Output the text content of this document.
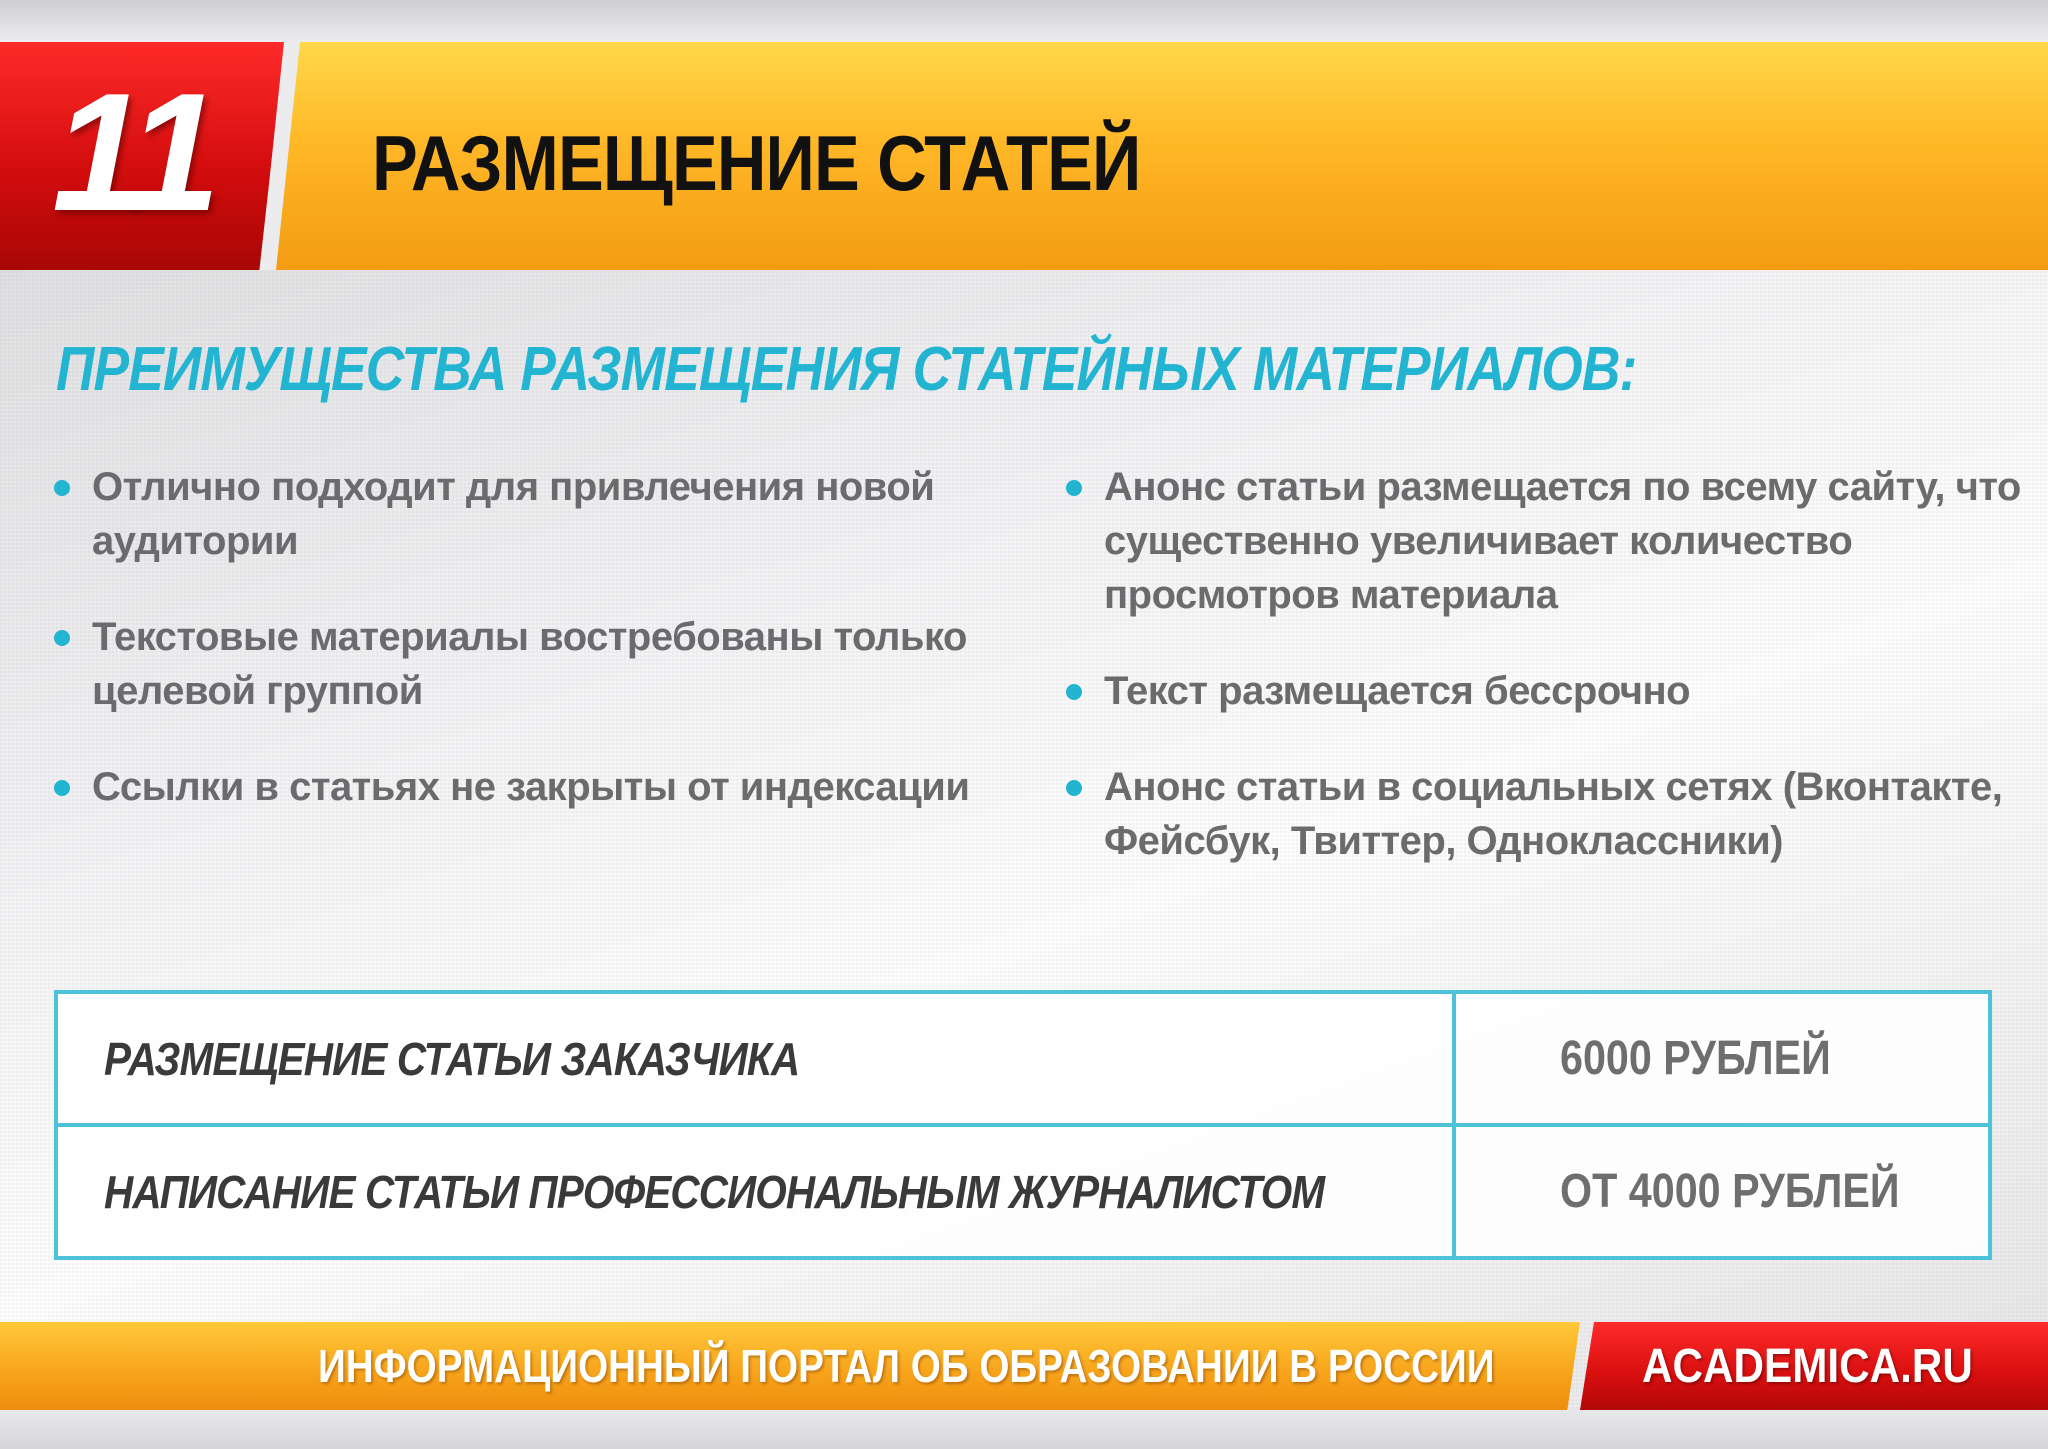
11 РАЗМЕЩЕНИЕ СТАТЕЙ
ПРЕИМУЩЕСТВА РАЗМЕЩЕНИЯ СТАТЕЙНЫХ МАТЕРИАЛОВ:
Отлично подходит для привлечения новой аудитории
Текстовые материалы востребованы только целевой группой
Ссылки в статьях не закрыты от индексации
Анонс статьи размещается по всему сайту, что существенно увеличивает количество просмотров материала
Текст размещается бессрочно
Анонс статьи в социальных сетях (Вконтакте, Фейсбук, Твиттер, Одноклассники)
РАЗМЕЩЕНИЕ СТАТЬИ ЗАКАЗЧИКА	6000 РУБЛЕЙ
НАПИСАНИЕ СТАТЬИ ПРОФЕССИОНАЛЬНЫМ ЖУРНАЛИСТОМ	ОТ 4000 РУБЛЕЙ
ИНФОРМАЦИОННЫЙ ПОРТАЛ ОБ ОБРАЗОВАНИИ В РОССИИ	ACADEMICA.RU
